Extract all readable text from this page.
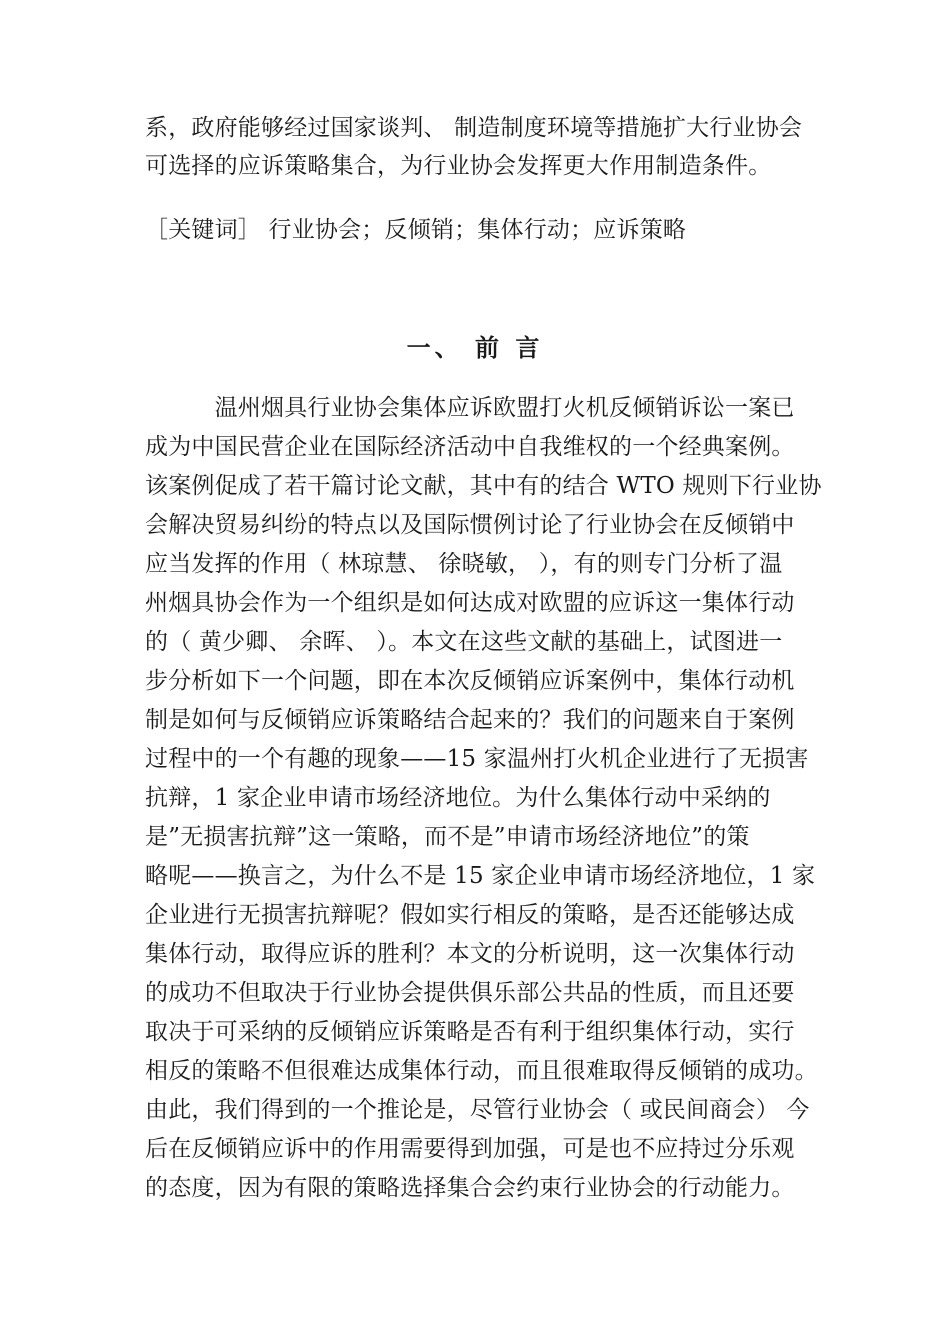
系，政府能够经过国家谈判、 制造制度环境等措施扩大行业协会
可选择的应诉策略集合，为行业协会发挥更大作用制造条件。
［关键词］ 行业协会；反倾销；集体行动；应诉策略
一、 前 言
　　　温州烟具行业协会集体应诉欧盟打火机反倾销诉讼一案已
成为中国民营企业在国际经济活动中自我维权的一个经典案例。
该案例促成了若干篇讨论文献，其中有的结合 WTO 规则下行业协
会解决贸易纠纷的特点以及国际惯例讨论了行业协会在反倾销中
应当发挥的作用（ 林琼慧、 徐晓敏， ），有的则专门分析了温
州烟具协会作为一个组织是如何达成对欧盟的应诉这一集体行动
的（ 黄少卿、 余晖、 ）。本文在这些文献的基础上，试图进一
步分析如下一个问题，即在本次反倾销应诉案例中，集体行动机
制是如何与反倾销应诉策略结合起来的？我们的问题来自于案例
过程中的一个有趣的现象——15 家温州打火机企业进行了无损害
抗辩，1 家企业申请市场经济地位。为什么集体行动中采纳的
是”无损害抗辩”这一策略，而不是”申请市场经济地位”的策
略呢——换言之，为什么不是 15 家企业申请市场经济地位，1 家
企业进行无损害抗辩呢？假如实行相反的策略，是否还能够达成
集体行动，取得应诉的胜利？本文的分析说明，这一次集体行动
的成功不但取决于行业协会提供俱乐部公共品的性质，而且还要
取决于可采纳的反倾销应诉策略是否有利于组织集体行动，实行
相反的策略不但很难达成集体行动，而且很难取得反倾销的成功。
由此，我们得到的一个推论是，尽管行业协会（ 或民间商会） 今
后在反倾销应诉中的作用需要得到加强，可是也不应持过分乐观
的态度，因为有限的策略选择集合会约束行业协会的行动能力。
